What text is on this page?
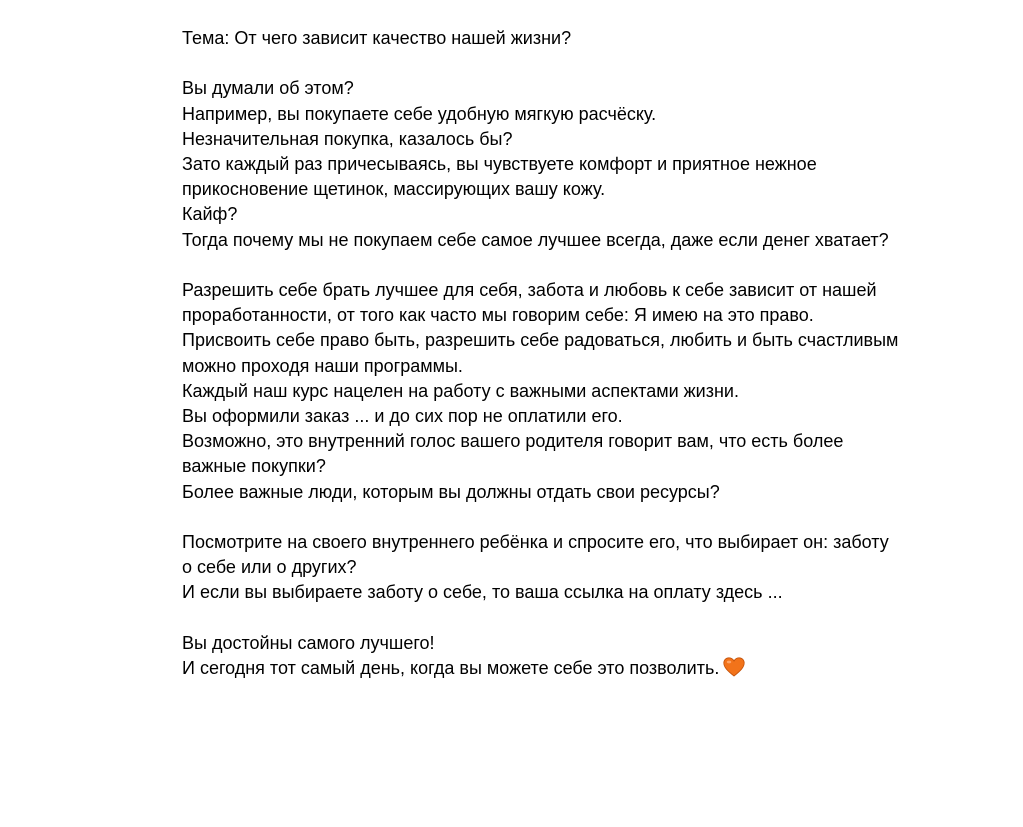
Тема: От чего зависит качество нашей жизни?

Вы думали об этом?
Например, вы покупаете себе удобную мягкую расчёску.
Незначительная покупка, казалось бы?
Зато каждый раз причесываясь, вы чувствуете комфорт и приятное нежное прикосновение щетинок, массирующих вашу кожу.
Кайф?
Тогда почему мы не покупаем себе самое лучшее всегда, даже если денег хватает?
Разрешить себе брать лучшее для себя, забота и любовь к себе зависит от нашей проработанности, от того как часто мы говорим себе: Я имею на это право.
Присвоить себе право быть, разрешить себе радоваться, любить и быть счастливым можно проходя наши программы.
Каждый наш курс нацелен на работу с важными аспектами жизни.
Вы оформили заказ ... и до сих пор не оплатили его.
Возможно, это внутренний голос вашего родителя говорит вам, что есть более важные покупки?
Более важные люди, которым вы должны отдать свои ресурсы?
Посмотрите на своего внутреннего ребёнка и спросите его, что выбирает он: заботу о себе или о других?
И если вы выбираете заботу о себе, то ваша ссылка на оплату здесь ...
Вы достойны самого лучшего!
И сегодня тот самый день, когда вы можете себе это позволить.
